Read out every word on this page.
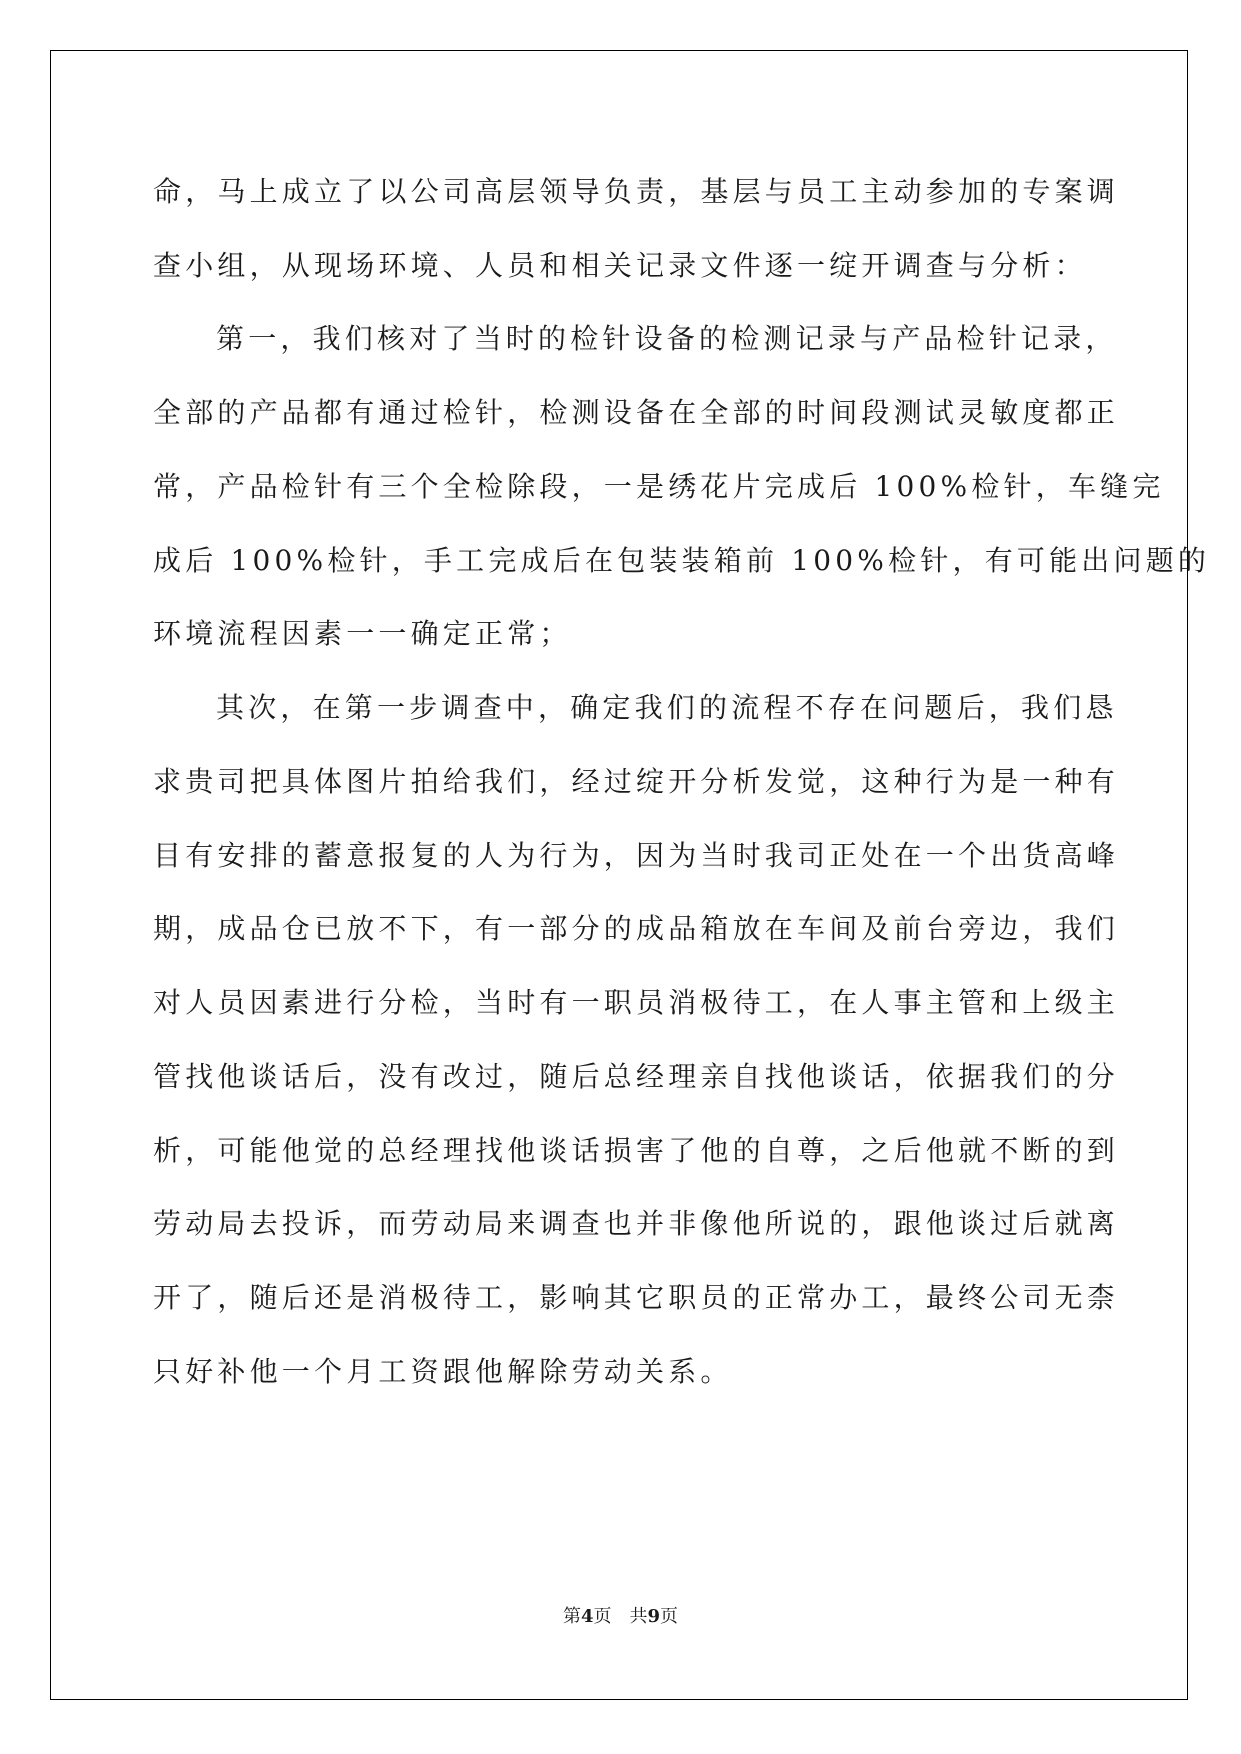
命，马上成立了以公司高层领导负责，基层与员工主动参加的专案调
查小组，从现场环境、人员和相关记录文件逐一绽开调查与分析：
第一，我们核对了当时的检针设备的检测记录与产品检针记录，
全部的产品都有通过检针，检测设备在全部的时间段测试灵敏度都正
常，产品检针有三个全检除段，一是绣花片完成后 100%检针，车缝完
成后 100%检针，手工完成后在包装装箱前 100%检针，有可能出问题的
环境流程因素一一确定正常；
其次，在第一步调查中，确定我们的流程不存在问题后，我们恳
求贵司把具体图片拍给我们，经过绽开分析发觉，这种行为是一种有
目有安排的蓄意报复的人为行为，因为当时我司正处在一个出货高峰
期，成品仓已放不下，有一部分的成品箱放在车间及前台旁边，我们
对人员因素进行分检，当时有一职员消极待工，在人事主管和上级主
管找他谈话后，没有改过，随后总经理亲自找他谈话，依据我们的分
析，可能他觉的总经理找他谈话损害了他的自尊，之后他就不断的到
劳动局去投诉，而劳动局来调查也并非像他所说的，跟他谈过后就离
开了，随后还是消极待工，影响其它职员的正常办工，最终公司无柰
只好补他一个月工资跟他解除劳动关系。
第4页 共9页
